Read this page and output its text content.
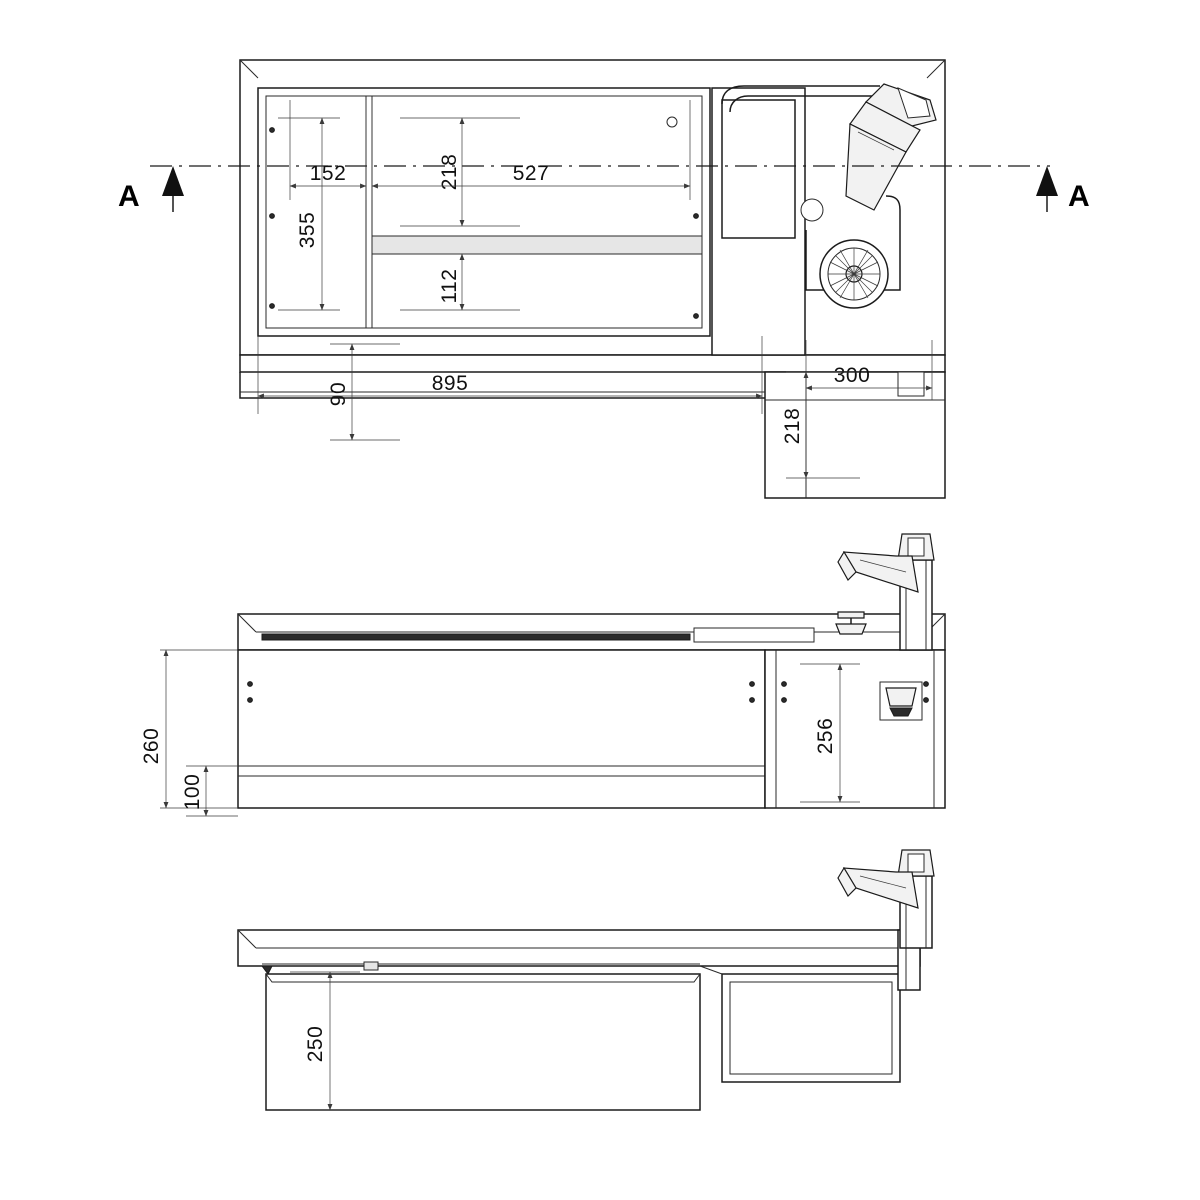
A	A
152	218 527
355
112
90	895	300
218
260
100
256
250
